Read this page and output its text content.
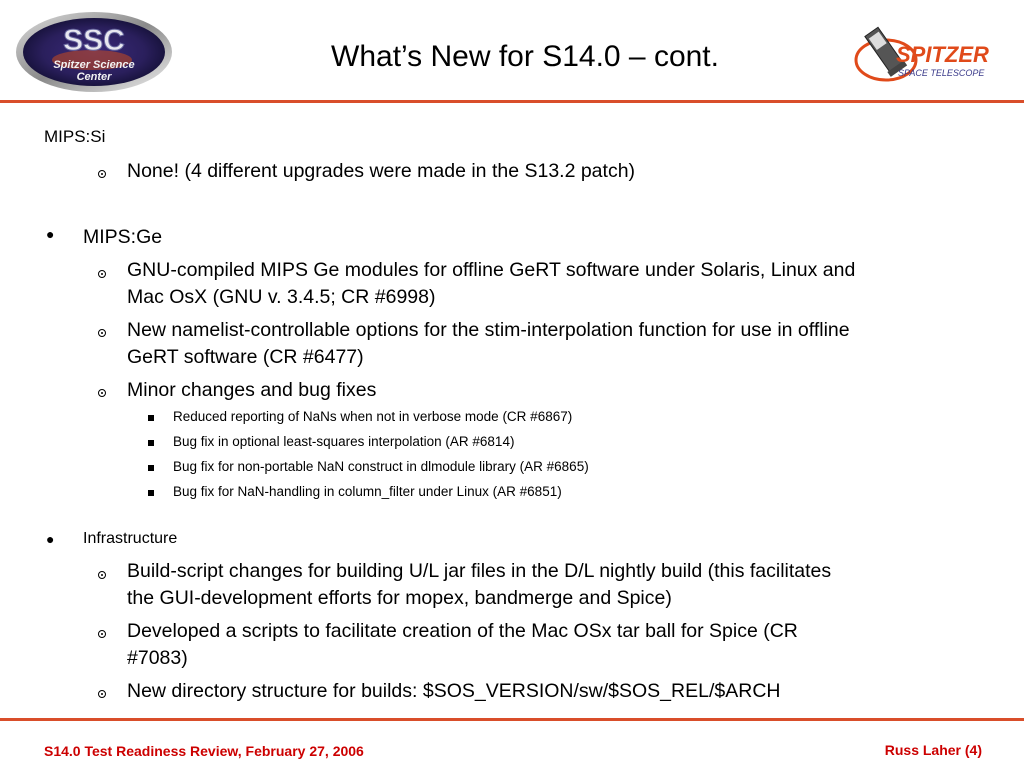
SSC
Spitzer Science
Center
SPITZER
SPACE TELESCOPE
What’s New for S14.0 – cont.
MIPS:Si
None! (4 different upgrades were made in the S13.2 patch)
● MIPS:Ge
GNU-compiled MIPS Ge modules for offline GeRT software under Solaris, Linux and
Mac OsX (GNU v. 3.4.5; CR #6998)
New namelist-controllable options for the stim-interpolation function for use in offline
GeRT software (CR #6477)
Minor changes and bug fixes
Reduced reporting of NaNs when not in verbose mode (CR #6867)
Bug fix in optional least-squares interpolation (AR #6814)
Bug fix for non-portable NaN construct in dlmodule library (AR #6865)
Bug fix for NaN-handling in column_filter under Linux (AR #6851)
● Infrastructure
Build-script changes for building U/L jar files in the D/L nightly build (this facilitates
the GUI-development efforts for mopex, bandmerge and Spice)
Developed a scripts to facilitate creation of the Mac OSx tar ball for Spice (CR
#7083)
New directory structure for builds: $SOS_VERSION/sw/$SOS_REL/$ARCH
S14.0 Test Readiness Review, February 27, 2006	Russ Laher (4)
